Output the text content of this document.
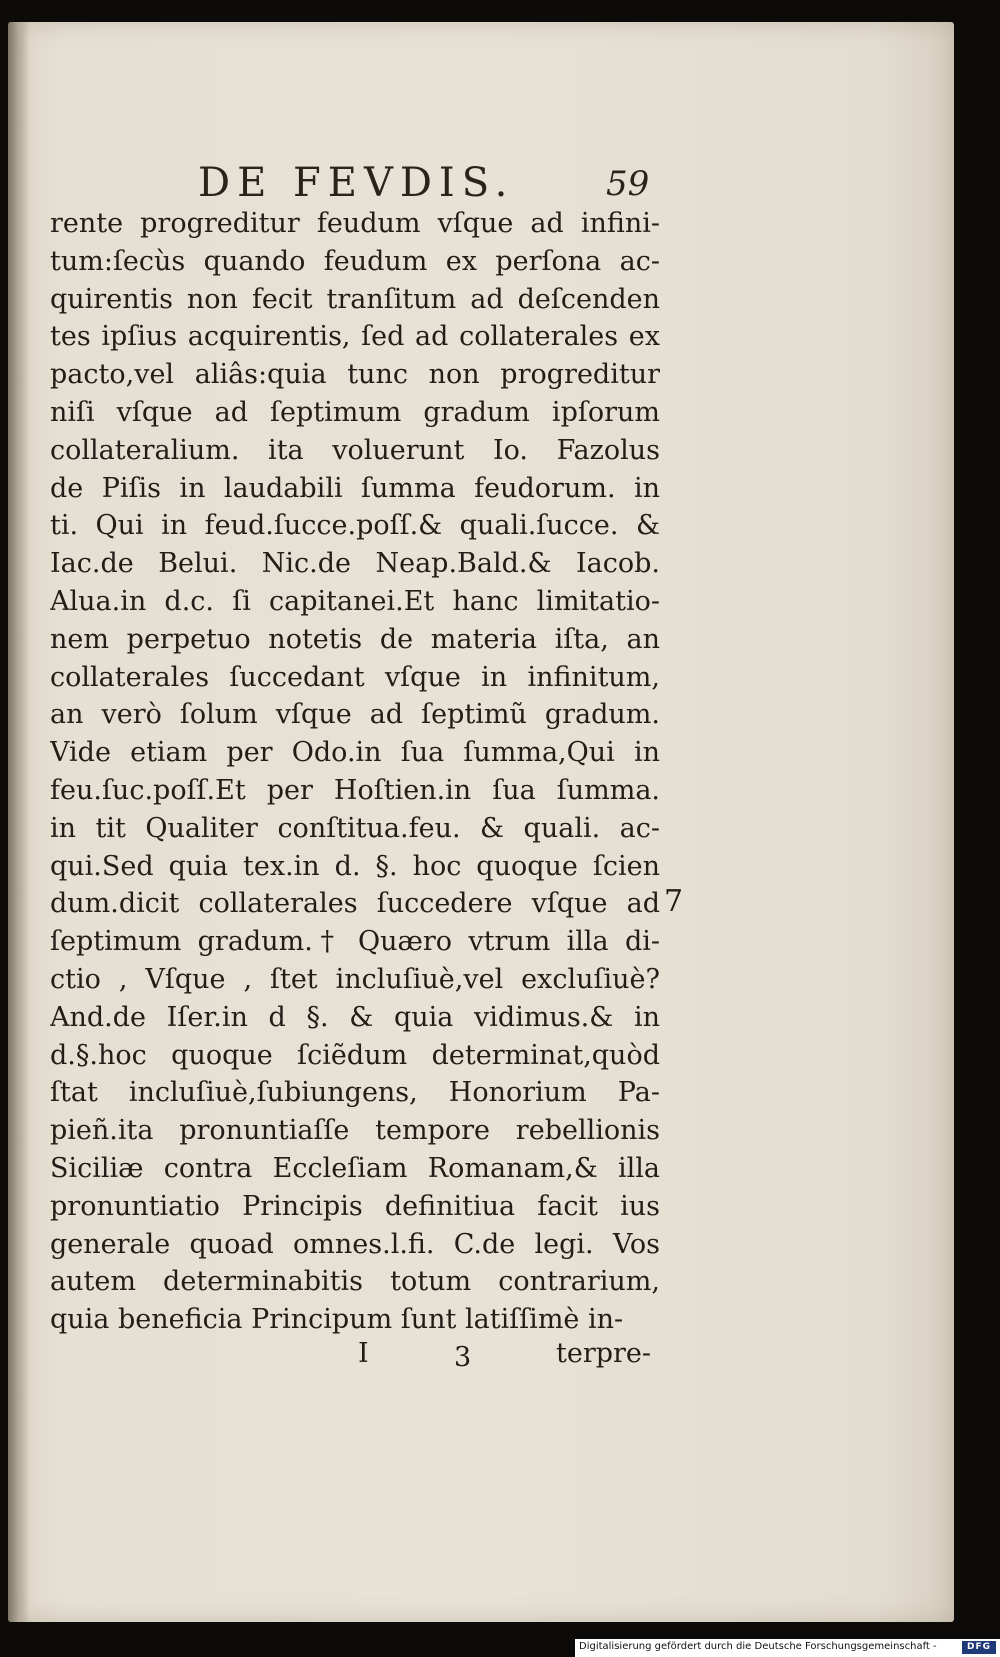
DE FEVDIS.	59
rente progreditur feudum vſque ad infini-
tum:ſecùs quando feudum ex perſona ac-
quirentis non fecit tranſitum ad deſcenden
tes ipſius acquirentis, ſed ad collaterales ex
pacto,vel aliâs:quia tunc non progreditur
niſi vſque ad ſeptimum gradum ipſorum
collateralium. ita voluerunt Io. Fazolus
de Piſis in laudabili ſumma feudorum. in
ti. Qui in feud.ſucce.poſſ.& quali.ſucce. &
Iac.de Belui. Nic.de Neap.Bald.& Iacob.
Alua.in d.c. ſi capitanei.Et hanc limitatio-
nem perpetuo notetis de materia iſta, an
collaterales ſuccedant vſque in infinitum,
an verò ſolum vſque ad ſeptimũ gradum.
Vide etiam per Odo.in ſua ſumma,Qui in
feu.ſuc.poſſ.Et per Hoſtien.in ſua ſumma.
in tit Qualiter conſtitua.feu. & quali. ac-
qui.Sed quia tex.in d. §. hoc quoque ſcien
dum.dicit collaterales ſuccedere vſque ad
ſeptimum gradum.† Quæro vtrum illa di-
ctio , Vſque , ſtet incluſiuè,vel excluſiuè?
And.de Iſer.in d §. & quia vidimus.& in
d.§.hoc quoque ſciẽdum determinat,quòd
ſtat incluſiuè,ſubiungens, Honorium Pa-
pieñ.ita pronuntiaſſe tempore rebellionis
Siciliæ contra Eccleſiam Romanam,& illa
pronuntiatio Principis definitiua facit ius
generale quoad omnes.l.fi. C.de legi. Vos
autem determinabitis totum contrarium,
quia beneficia Principum ſunt latiſſimè in-
7
I	3	terpre-
Digitalisierung gefördert durch die Deutsche Forschungsgemeinschaft -	DFG
